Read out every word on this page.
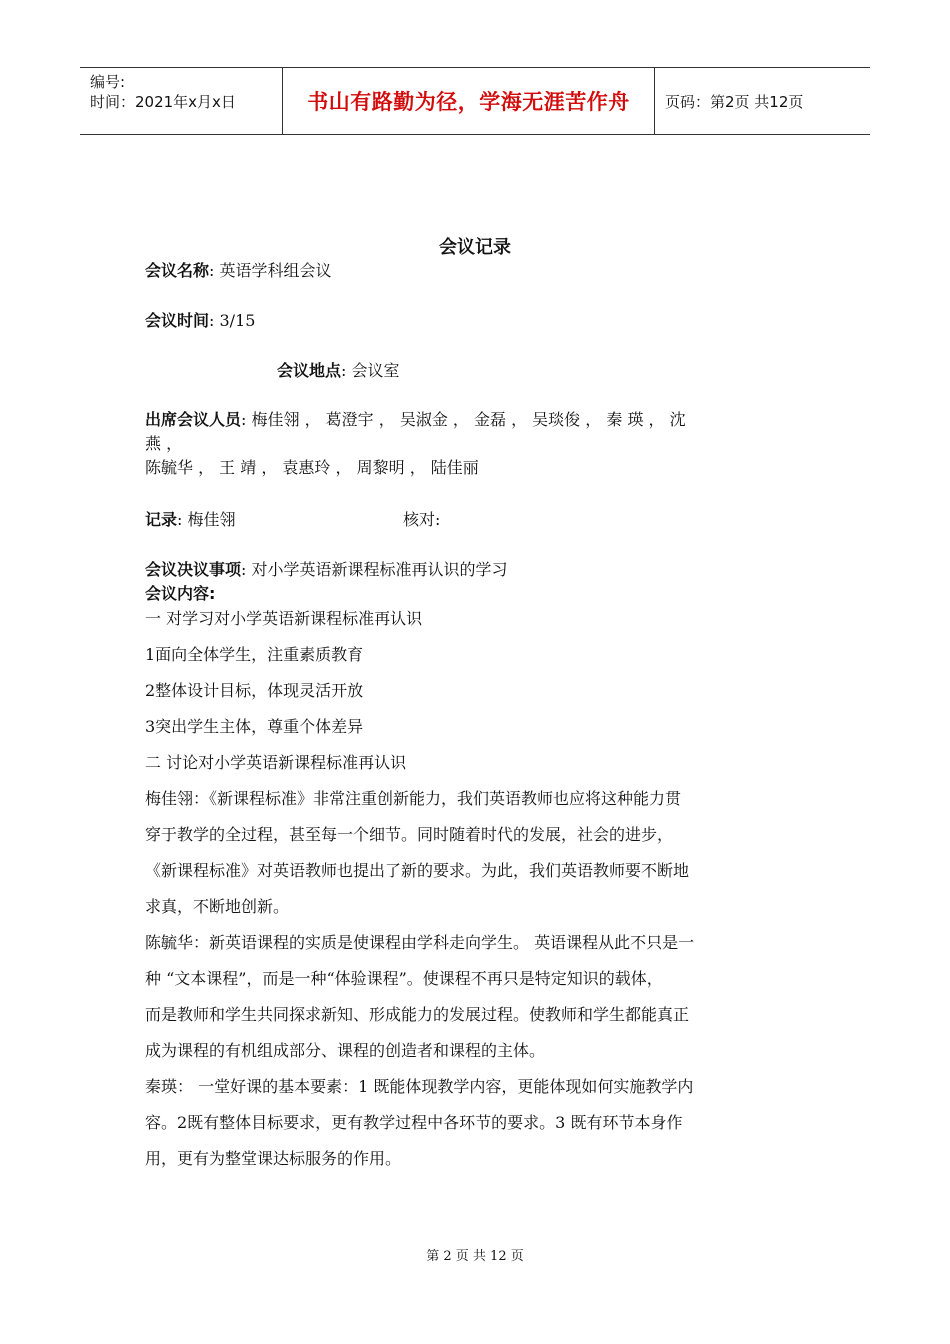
编号:
时间：2021年x月x日	书山有路勤为径，学海无涯苦作舟	页码：第2页 共12页
会议记录
会议名称: 英语学科组会议
会议时间: 3/15
会议地点: 会议室
出席会议人员: 梅佳翎 ， 葛澄宇 ， 吴淑金 ， 金磊 ， 吴琰俊 ， 秦 瑛 ， 沈
燕 ，
陈毓华 ， 王 靖 ， 袁惠玲 ， 周黎明 ， 陆佳丽
记录: 梅佳翎	核对:
会议决议事项: 对小学英语新课程标准再认识的学习
会议内容:

一 对学习对小学英语新课程标准再认识

1面向全体学生，注重素质教育

2整体设计目标，体现灵活开放

3突出学生主体，尊重个体差异

二 讨论对小学英语新课程标准再认识

梅佳翎：《新课程标准》非常注重创新能力，我们英语教师也应将这种能力贯

穿于教学的全过程，甚至每一个细节。同时随着时代的发展，社会的进步，

《新课程标准》对英语教师也提出了新的要求。为此，我们英语教师要不断地

求真，不断地创新。

陈毓华：新英语课程的实质是使课程由学科走向学生。 英语课程从此不只是一

种 “文本课程”，而是一种“体验课程”。使课程不再只是特定知识的载体，

而是教师和学生共同探求新知、形成能力的发展过程。使教师和学生都能真正

成为课程的有机组成部分、课程的创造者和课程的主体。

秦瑛： 一堂好课的基本要素：1 既能体现教学内容，更能体现如何实施教学内

容。2既有整体目标要求，更有教学过程中各环节的要求。3 既有环节本身作

用，更有为整堂课达标服务的作用。

第 2 页 共 12 页
